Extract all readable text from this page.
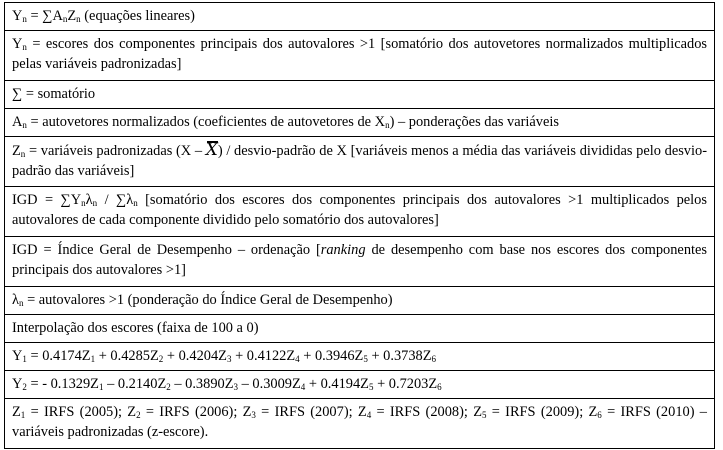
$Y_n = \sum A_nZ_n$ (equações lineares)
$Y_n$ = escores dos componentes principais dos autovalores >1 [somatório dos autovetores normalizados multiplicados pelas variáveis padronizadas]
∑ = somatório
$A_n$ = autovetores normalizados (coeficientes de autovetores de $X_n$) – ponderações das variáveis
$Z_n$ = variáveis padronizadas (X – X) / desvio-padrão de X [variáveis menos a média das variáveis divididas pelo desvio-padrão das variáveis]
IGD = $\sum Y_n\lambda_n / \sum\lambda_n$ [somatório dos escores dos componentes principais dos autovalores >1 multiplicados pelos autovalores de cada componente dividido pelo somatório dos autovalores]
IGD = Índice Geral de Desempenho – ordenação [ranking de desempenho com base nos escores dos componentes principais dos autovalores >1]
$\lambda_n$ = autovalores >1 (ponderação do Índice Geral de Desempenho)
Interpolação dos escores (faixa de 100 a 0)
$Y_1 = 0.4174Z_1 + 0.4285Z_2 + 0.4204Z_3 + 0.4122Z_4 + 0.3946Z_5 + 0.3738Z_6$
$Y_2$ = - $0.1329Z_1 - 0.2140Z_2 - 0.3890Z_3 - 0.3009Z_4 + 0.4194Z_5 + 0.7203Z_6$
$Z_1$ = IRFS (2005); $Z_2$ = IRFS (2006); $Z_3$ = IRFS (2007); $Z_4$ = IRFS (2008); $Z_5$ = IRFS (2009); $Z_6$ = IRFS (2010) – variáveis padronizadas (z-escore).
